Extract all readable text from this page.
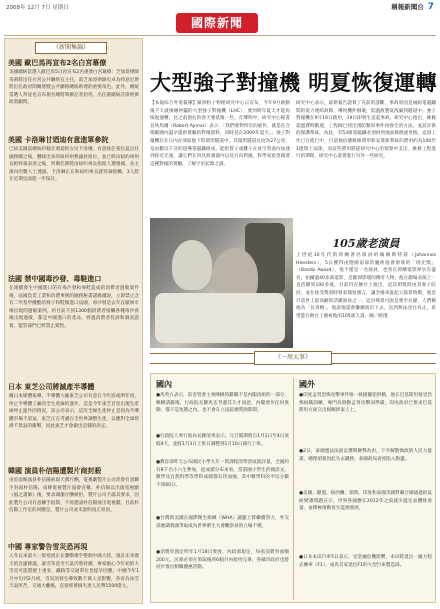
2008年 12月 7日 星期日	稱報新聞台 7
國際新聞
《新聞集錦》
美國 歐巴馬再宣布2名白宮幕僚
美國總統當選人歐巴馬5日再宣布2名重要白宮幕僚：芝加哥律師蒂莉將出任白宮公共聯絡室主任，前芝加哥律師史卓為特意尼斯將出任政府間關係暨公共聯絡總統助理的重要角色。此外，總統當選人拜登也宣布現名總將舉辦記者招待，出任副總統首席經濟政策顧問。
美國 卡洛琳甘迺迪有意進軍參院
已故美國前總統約翰甘迺迪的女兒卡洛琳，有意接任希拉蕊出任國務卿之後，懸缺出來的紐約州參議員席位，並已經向紐約州州長帕特森表達之後，所剩任期將由紐約州長指派人選遞補，長主黨內的數人士透露，卡洛琳正在和紐約州長就特森接觸，3人將在近期見面進一步探討。
法國 禁中國毒沙發、毒鞋進口
在連續發生中國進口的有毒沙發和毒鞋造成的消費者過敏案件後，法國負責工業和消費事務的國務秘書諾維爾說，立即禁止含有二甲基甲酸酯的椅子和鞋類進口法國，毒沙發是去年在歐洲市場出現的過敏案例，約目前不到1300個消費者接觸各種毒沙發後出現過敏，都是中國進口的產品，經過消費者投訴和調查證實，監管部門已經禁止銷售。
日本 東芝公司將減產半導體
據日本媒體報導，半導體大廠東芝公司有意在今年底或明年初，停止半導體工廠的全生產線的運作，這是今年東芝首度出現生產線停止運作的情況，該公司表示，這次全線生產停止是因為半導體市場不景氣，東芝正在考慮在全世界調整生產，以應對全球經濟不景氣的衝擊，因此東芝才會做出這樣的決定。
韓國 演員朴信陽遭製片商封殺
由於南韓演員朴信陽索取天價片酬，電視劇製片公司甚會有意聯手封殺朴信陽。南韓電視製片協會宣稱，朴信陽以出演電視劇《風之畫師》後，要求調漲片酬被拒，製片公司不滿其要求，因此製片公司有意聯手抵制，不再邀請朴信陽演出電視劇，目前朴信陽工作室的回應是，製片公司並未說明真正原因。
中國 專家警告雪災恐再現
入冬以來最大一股寒流正在襲擊幾乎整個中國大陸，預計未來幾天的急遽降溫，暴雪等惡劣天氣仍將持續，專家擔心今年初的大雪災可能將捲土重來，鐵路等交通單位也提早因應，中國今年1月中旬到2月初，雪災的發生導致數千萬人受影響，各省為冰雪天氣所苦，交通大癱瘓，直接經濟損失達人民幣1500億元。
大型強子對撞機 明夏恢復運轉
【本報綜合外電報導】歐洲粒子物理研究中心日宣布，今年9月啟動後不久就損壞停擺的大型強子對撞機（LHC），要到明年夏天才能再恢復運轉，比之前預估的春天要延後一些。在聲明中，研究中心秘書長埃馬爾（Robert Aymar）表示：「我們會對所有的重作、就是在合理範圍內盡早提供實驗的對撞資料，同時是在2009年夏天。」強子對撞機位在日內瓦郊區地下的環形隧道中，其環形隧道長度為27公里，是由數以千計的超導電磁鐵組成，能把質子或離子在真空管道內加速到接近光速，讓它們在四具偵測器內以反方向對撞，科學家希望藉著這種對撞的實驗，了解宇宙起源之謎。
研究中心表示，最新報告證實了先前的診斷，事故原因是兩組電磁鐵間的電力連結故障，導致機件損壞，低溫液態氦洩漏到隧道中。強子對撞機在9月10日啟用，19日即發生這起事故。研究中心指出，維修超過費時數週，工程師已找出預防類似事件再發生的方法，並設計新的保護系統。為此，有53組電磁鐵必須拆到地面修理或更換，這項工作已在進行中，目前預估總維修費用和安裝新系統的費用約為100至1億瑞士法郎，而這些費用將從研究中心的預算中支出，維修工程進行的期間，研究中心還會進行另外一些研究。
105歲老演員
上世紀30年代的荷蘭著名演員約翰赫斯特茲（Johannes Heesters），5日獲得由德國南部的魔術協會頒發的「班比獎」（Bambi Award）。他不僅是一名演員，也曾在荷蘭電影界享有盛名，拍攝過40多部電影，是歐洲影壇的傳奇人物，他在劇場表演上一直活躍到100多歲，目前仍在舞台上演出，這次領獎時由其妻子陪同，並在接受獎項時發表簡短感言，讓全場來賓起立鼓掌致敬，他是目前世上最高齡的活躍演員之一，這份殊榮可說是實至名歸，人們稱他為「長青樹」，他說他還會繼續演出下去，直到無法登台為止，希望能在舞台上慶祝他的105歲大壽。圖／路透
《一周大事》
國內
●馬英九表示，前金管會主委陳樹的辭職不是內閣改組的一部分，陳樹請辭後，行政院長劉兆玄考慮其久才同意，內閣要作任何異動，都不是短期之內。也不會在立法院總質詢期間。
●行政院人事行政局長陳清秀表示，元旦假期將自1月1日至4日放假4天，並將1月3日上班日調整到1月10日補行上班。
●教育部昨天公布國民小學九年一貫課程的學習成就評量，全國約有8千名小六生參加，從成績分布來看，當前國小學生的國語文、數學及自然科學等學科成績都有待加強，其中數學科的平均分數不到60分。
●台灣與美國在國際衛生組織（WHA）議題上將繼續努力，外交部強調我國爭取成為世界衛生大會觀察員的立場不變。
●消費券預定明年1月18日發放，內政部規定，每張消費券面額200元，民眾必須在領取後的6個月內使用完畢，各縣市政府也將同步推出相關優惠活動。
國外
●印度孟買恐怖攻擊事件唯一被捕嫌犯供稱，他在巴基斯坦接受恐怖組織訓練，專門為發動孟買攻擊而準備，印度政府已要求巴基斯坦方面交出相關涉案人士。
●2日，泰國憲法法庭以選舉舞弊為由，下令解散執政的人民力量黨，總理頌猜因此失去職務，泰國政局再度陷入動盪。
●美國、歐盟、紐西蘭、瑞典、印度和泰國等國對聯合國通過的氣候變遷問題宣示，世界各國應在2012年之前減少溫室氣體排放量，並積極推動再生能源發展。
●日本本田汽車5日表示，受金融危機影響，本田將退出一級方程式賽車（F1），成為首家退出F1的大型汽車製造商。
